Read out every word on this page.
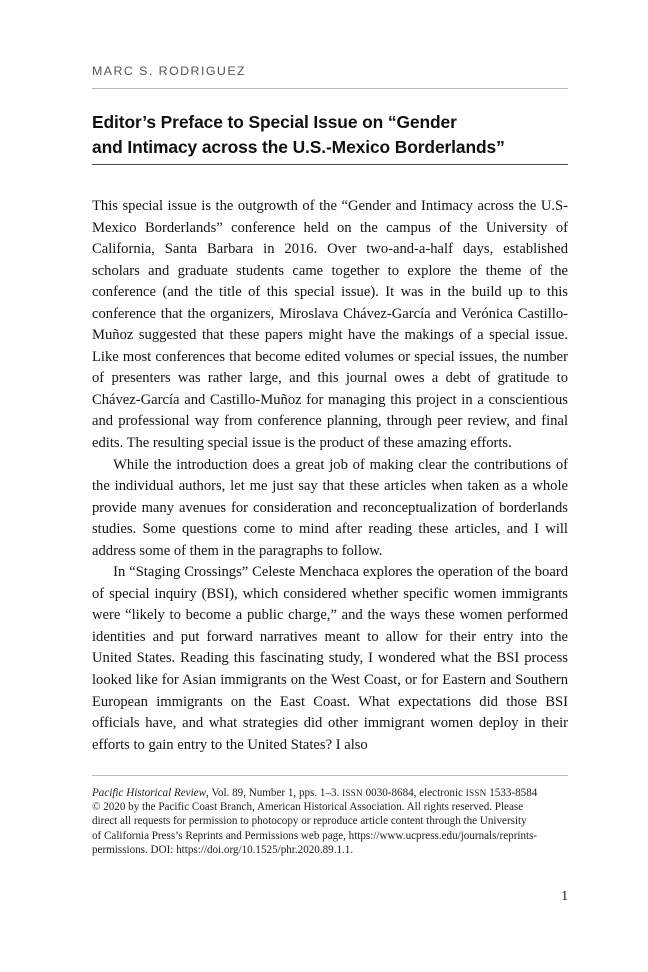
MARC S. RODRIGUEZ
Editor’s Preface to Special Issue on “Gender
and Intimacy across the U.S.-Mexico Borderlands”

This special issue is the outgrowth of the “Gender and Intimacy across the U.S-Mexico Borderlands” conference held on the campus of the University of California, Santa Barbara in 2016. Over two-and-a-half days, established scholars and graduate students came together to explore the theme of the conference (and the title of this special issue). It was in the build up to this conference that the organizers, Miroslava Chávez-García and Verónica Castillo-Muñoz suggested that these papers might have the makings of a special issue. Like most conferences that become edited volumes or special issues, the number of presenters was rather large, and this journal owes a debt of gratitude to Chávez-García and Castillo-Muñoz for managing this project in a conscientious and professional way from conference planning, through peer review, and final edits. The resulting special issue is the product of these amazing efforts.

While the introduction does a great job of making clear the contributions of the individual authors, let me just say that these articles when taken as a whole provide many avenues for consideration and reconceptualization of borderlands studies. Some questions come to mind after reading these articles, and I will address some of them in the paragraphs to follow.

In “Staging Crossings” Celeste Menchaca explores the operation of the board of special inquiry (BSI), which considered whether specific women immigrants were “likely to become a public charge,” and the ways these women performed identities and put forward narratives meant to allow for their entry into the United States. Reading this fascinating study, I wondered what the BSI process looked like for Asian immigrants on the West Coast, or for Eastern and Southern European immigrants on the East Coast. What expectations did those BSI officials have, and what strategies did other immigrant women deploy in their efforts to gain entry to the United States? I also

Pacific Historical Review, Vol. 89, Number 1, pps. 1–3. ISSN 0030-8684, electronic ISSN 1533-8584

© 2020 by the Pacific Coast Branch, American Historical Association. All rights reserved. Please

direct all requests for permission to photocopy or reproduce article content through the University

of California Press’s Reprints and Permissions web page, https://www.ucpress.edu/journals/reprints-

permissions. DOI: https://doi.org/10.1525/phr.2020.89.1.1.

1
